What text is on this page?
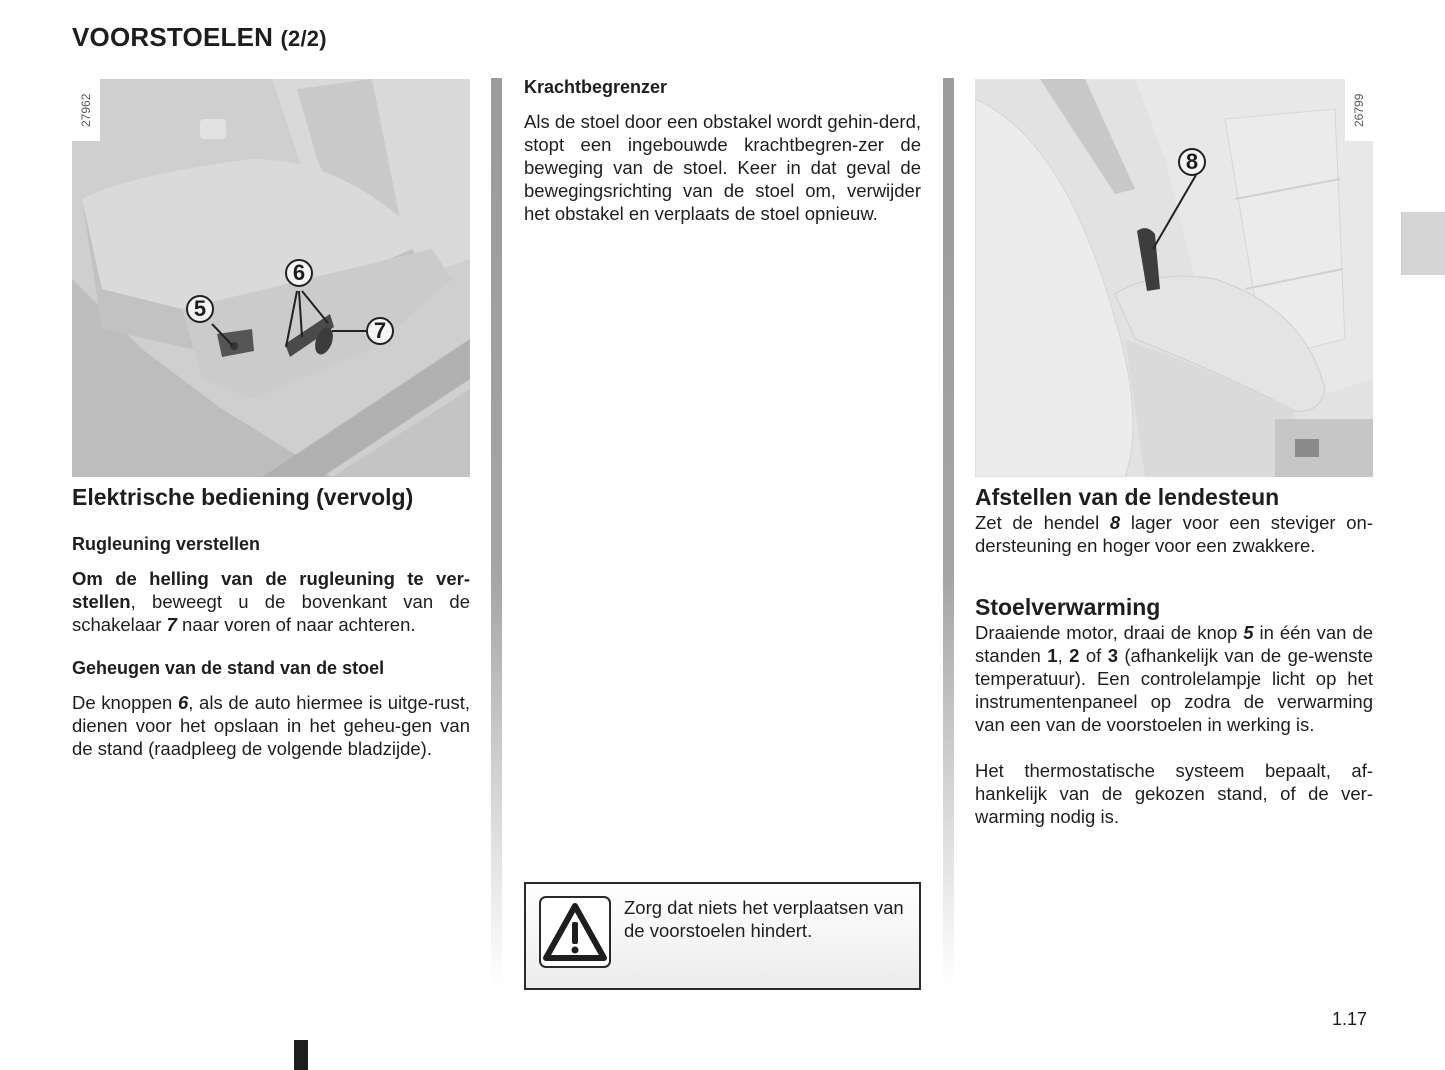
VOORSTOELEN (2/2)
27962
5
6
7
26799
8
Elektrische bediening (vervolg)
Rugleuning verstellen
Om de helling van de rugleuning te ver-stellen, beweegt u de bovenkant van de schakelaar 7 naar voren of naar achteren.
Geheugen van de stand van de stoel
De knoppen 6, als de auto hiermee is uitge-rust, dienen voor het opslaan in het geheu-gen van de stand (raadpleeg de volgende bladzijde).
Krachtbegrenzer
Als de stoel door een obstakel wordt gehin-derd, stopt een ingebouwde krachtbegren-zer de beweging van de stoel. Keer in dat geval de bewegingsrichting van de stoel om, verwijder het obstakel en verplaats de stoel opnieuw.
Zorg dat niets het verplaatsen van de voorstoelen hindert.
Afstellen van de lendesteun
Zet de hendel 8 lager voor een steviger on-dersteuning en hoger voor een zwakkere.
Stoelverwarming
Draaiende motor, draai de knop 5 in één van de standen 1, 2 of 3 (afhankelijk van de ge-wenste temperatuur). Een controlelampje licht op het instrumentenpaneel op zodra de verwarming van een van de voorstoelen in werking is.
Het thermostatische systeem bepaalt, af-hankelijk van de gekozen stand, of de ver-warming nodig is.
1.17
